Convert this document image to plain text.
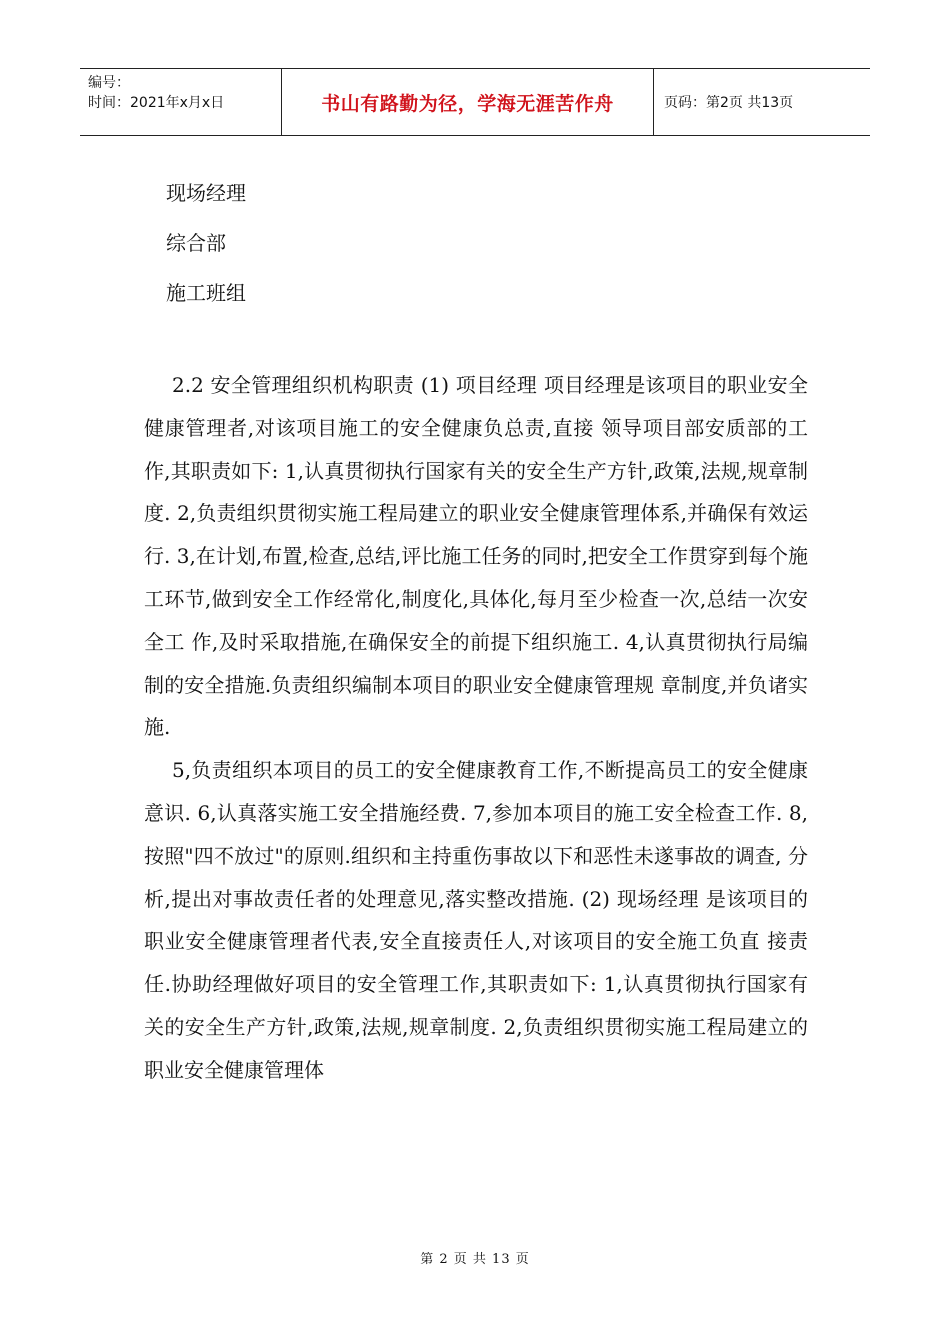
编号：
时间：2021年x月x日	书山有路勤为径，学海无涯苦作舟	页码：第2页 共13页
现场经理
综合部
施工班组

2.2 安全管理组织机构职责 (1) 项目经理 项目经理是该项目的职业安全健康管理者,对该项目施工的安全健康负总责,直接 领导项目部安质部的工作,其职责如下: 1,认真贯彻执行国家有关的安全生产方针,政策,法规,规章制度. 2,负责组织贯彻实施工程局建立的职业安全健康管理体系,并确保有效运行. 3,在计划,布置,检查,总结,评比施工任务的同时,把安全工作贯穿到每个施 工环节,做到安全工作经常化,制度化,具体化,每月至少检查一次,总结一次安全工 作,及时采取措施,在确保安全的前提下组织施工. 4,认真贯彻执行局编制的安全措施.负责组织编制本项目的职业安全健康管理规 章制度,并负诸实施.

5,负责组织本项目的员工的安全健康教育工作,不断提高员工的安全健康意识. 6,认真落实施工安全措施经费. 7,参加本项目的施工安全检查工作. 8,按照"四不放过"的原则.组织和主持重伤事故以下和恶性未遂事故的调查, 分析,提出对事故责任者的处理意见,落实整改措施. (2) 现场经理 是该项目的职业安全健康管理者代表,安全直接责任人,对该项目的安全施工负直 接责任.协助经理做好项目的安全管理工作,其职责如下: 1,认真贯彻执行国家有关的安全生产方针,政策,法规,规章制度. 2,负责组织贯彻实施工程局建立的职业安全健康管理体

第 2 页 共 13 页
